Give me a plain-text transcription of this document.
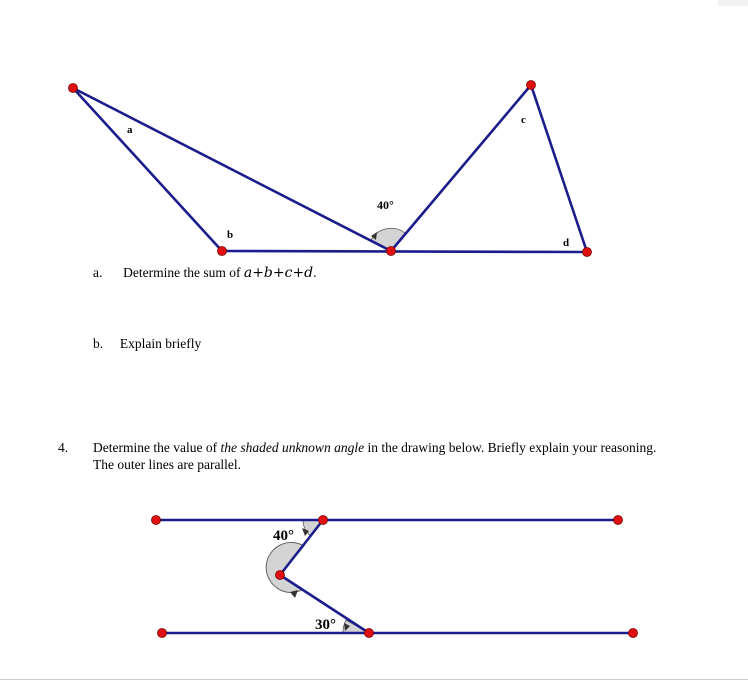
a
b
c
d
40°
a. Determine the sum of a+b+c+d.
b. Explain briefly
4. Determine the value of the shaded unknown angle in the drawing below. Briefly explain your reasoning.
The outer lines are parallel.
40°
30°
